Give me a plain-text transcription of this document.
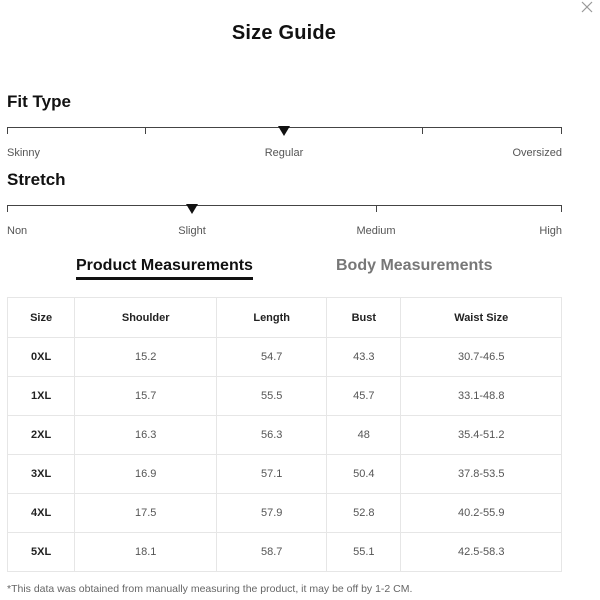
Size Guide
Fit Type
Skinny	Regular	Oversized
Stretch
Non	Slight	Medium	High
Product Measurements	Body Measurements
Size	Shoulder	Length	Bust	Waist Size
0XL	15.2	54.7	43.3	30.7-46.5
1XL	15.7	55.5	45.7	33.1-48.8
2XL	16.3	56.3	48	35.4-51.2
3XL	16.9	57.1	50.4	37.8-53.5
4XL	17.5	57.9	52.8	40.2-55.9
5XL	18.1	58.7	55.1	42.5-58.3
*This data was obtained from manually measuring the product, it may be off by 1-2 CM.
